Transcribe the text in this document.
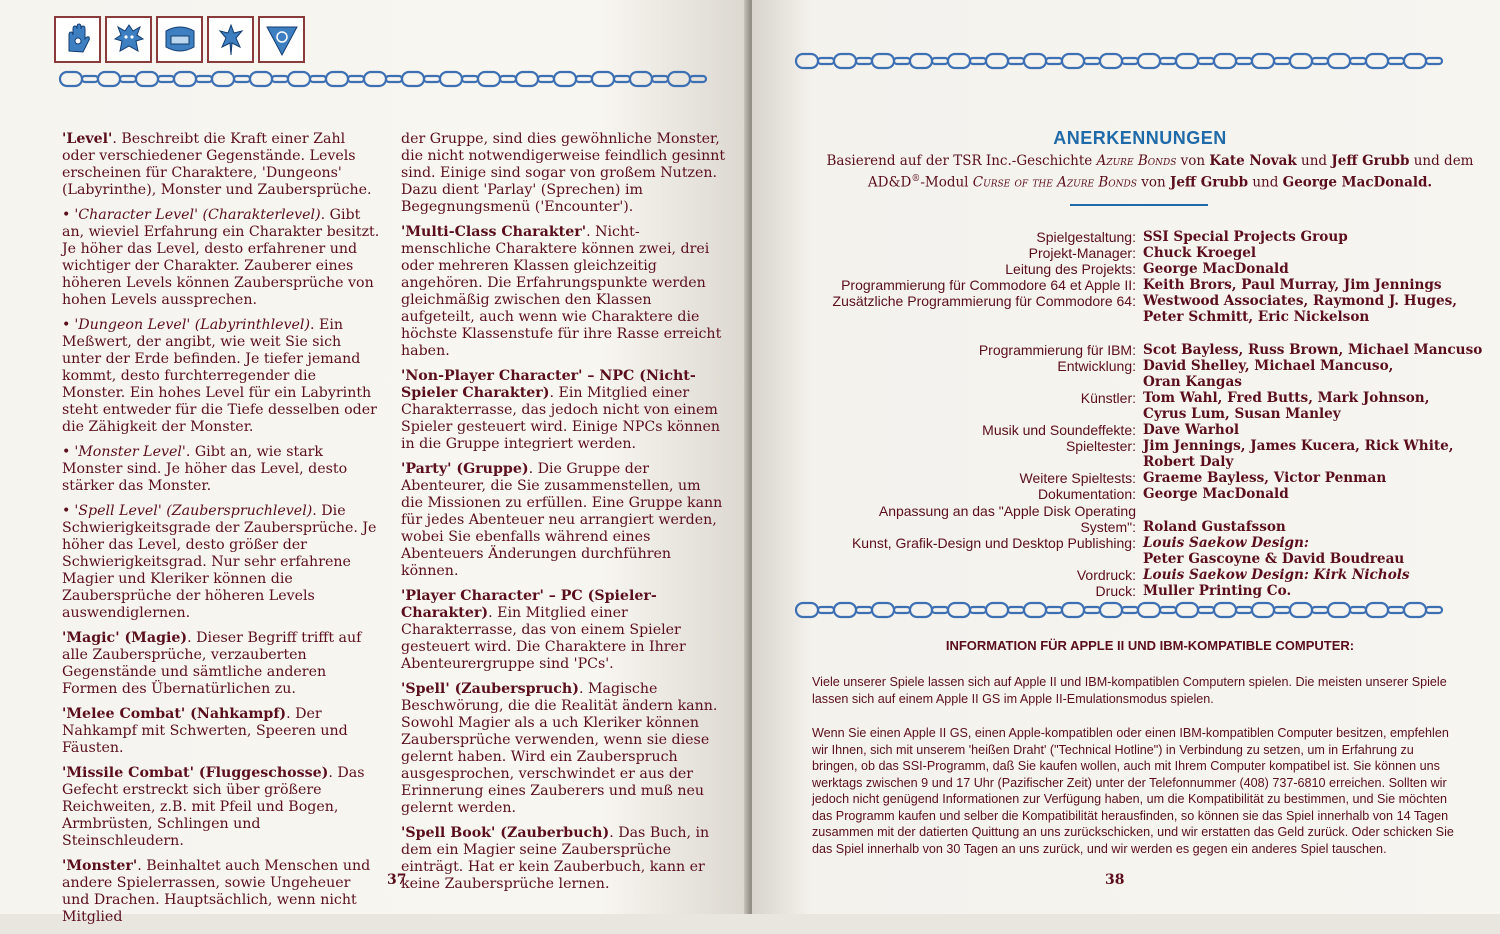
'Level'. Beschreibt die Kraft einer Zahl oder verschiedener Gegenstände. Levels erscheinen für Charaktere, 'Dungeons' (Labyrinthe), Monster und Zaubersprüche.

• 'Character Level' (Charakterlevel). Gibt an, wieviel Erfahrung ein Charakter besitzt. Je höher das Level, desto erfahrener und wichtiger der Charakter. Zauberer eines höheren Levels können Zaubersprüche von hohen Levels aussprechen.

• 'Dungeon Level' (Labyrinthlevel). Ein Meßwert, der angibt, wie weit Sie sich unter der Erde befinden. Je tiefer jemand kommt, desto furchterregender die Monster. Ein hohes Level für ein Labyrinth steht entweder für die Tiefe desselben oder die Zähigkeit der Monster.

• 'Monster Level'. Gibt an, wie stark Monster sind. Je höher das Level, desto stärker das Monster.

• 'Spell Level' (Zauberspruchlevel). Die Schwierigkeitsgrade der Zaubersprüche. Je höher das Level, desto größer der Schwierigkeitsgrad. Nur sehr erfahrene Magier und Kleriker können die Zaubersprüche der höheren Levels auswendiglernen.

'Magic' (Magie). Dieser Begriff trifft auf alle Zaubersprüche, verzauberten Gegenstände und sämtliche anderen Formen des Übernatürlichen zu.

'Melee Combat' (Nahkampf). Der Nahkampf mit Schwerten, Speeren und Fäusten.

'Missile Combat' (Fluggeschosse). Das Gefecht erstreckt sich über größere Reichweiten, z.B. mit Pfeil und Bogen, Armbrüsten, Schlingen und Steinschleudern.

'Monster'. Beinhaltet auch Menschen und andere Spielerrassen, sowie Ungeheuer und Drachen. Hauptsächlich, wenn nicht Mitglied

der Gruppe, sind dies gewöhnliche Monster, die nicht notwendigerweise feindlich gesinnt sind. Einige sind sogar von großem Nutzen. Dazu dient 'Parlay' (Sprechen) im Begegnungsmenü ('Encounter').

'Multi-Class Charakter'. Nicht-menschliche Charaktere können zwei, drei oder mehreren Klassen gleichzeitig angehören. Die Erfahrungspunkte werden gleichmäßig zwischen den Klassen aufgeteilt, auch wenn wie Charaktere die höchste Klassenstufe für ihre Rasse erreicht haben.

'Non-Player Character' – NPC (Nicht-Spieler Charakter). Ein Mitglied einer Charakterrasse, das jedoch nicht von einem Spieler gesteuert wird. Einige NPCs können in die Gruppe integriert werden.

'Party' (Gruppe). Die Gruppe der Abenteurer, die Sie zusammenstellen, um die Missionen zu erfüllen. Eine Gruppe kann für jedes Abenteuer neu arrangiert werden, wobei Sie ebenfalls während eines Abenteuers Änderungen durchführen können.

'Player Character' – PC (Spieler-Charakter). Ein Mitglied einer Charakterrasse, das von einem Spieler gesteuert wird. Die Charaktere in Ihrer Abenteurergruppe sind 'PCs'.

'Spell' (Zauberspruch). Magische Beschwörung, die die Realität ändern kann. Sowohl Magier als a uch Kleriker können Zaubersprüche verwenden, wenn sie diese gelernt haben. Wird ein Zauberspruch ausgesprochen, verschwindet er aus der Erinnerung eines Zauberers und muß neu gelernt werden.

'Spell Book' (Zauberbuch). Das Buch, in dem ein Magier seine Zaubersprüche einträgt. Hat er kein Zauberbuch, kann er keine Zaubersprüche lernen.

37	38
ANERKENNUNGEN
Basierend auf der TSR Inc.-Geschichte Azure Bonds von Kate Novak und Jeff Grubb und dem
AD&D®-Modul Curse of the Azure Bonds von Jeff Grubb und George MacDonald.
Spielgestaltung: SSI Special Projects Group
Projekt-Manager: Chuck Kroegel
Leitung des Projekts: George MacDonald
Programmierung für Commodore 64 et Apple II: Keith Brors, Paul Murray, Jim Jennings
Zusätzliche Programmierung für Commodore 64: Westwood Associates, Raymond J. Huges,
Peter Schmitt, Eric Nickelson
Programmierung für IBM: Scot Bayless, Russ Brown, Michael Mancuso
Entwicklung: David Shelley, Michael Mancuso,
Oran Kangas
Künstler: Tom Wahl, Fred Butts, Mark Johnson,
Cyrus Lum, Susan Manley
Musik und Soundeffekte: Dave Warhol
Spieltester: Jim Jennings, James Kucera, Rick White,
Robert Daly
Weitere Spieltests: Graeme Bayless, Victor Penman
Dokumentation: George MacDonald
Anpassung an das "Apple Disk Operating
System": Roland Gustafsson
Kunst, Grafik-Design und Desktop Publishing: Louis Saekow Design:
Peter Gascoyne & David Boudreau
Vordruck: Louis Saekow Design: Kirk Nichols
Druck: Muller Printing Co.
INFORMATION FÜR APPLE II UND IBM-KOMPATIBLE COMPUTER:
Viele unserer Spiele lassen sich auf Apple II und IBM-kompatiblen Computern spielen. Die meisten unserer Spiele lassen sich auf einem Apple II GS im Apple II-Emulationsmodus spielen.
Wenn Sie einen Apple II GS, einen Apple-kompatiblen oder einen IBM-kompatiblen Computer besitzen, empfehlen wir Ihnen, sich mit unserem 'heißen Draht' ("Technical Hotline") in Verbindung zu setzen, um in Erfahrung zu bringen, ob das SSI-Programm, daß Sie kaufen wollen, auch mit Ihrem Computer kompatibel ist. Sie können uns werktags zwischen 9 und 17 Uhr (Pazifischer Zeit) unter der Telefonnummer (408) 737-6810 erreichen. Sollten wir jedoch nicht genügend Informationen zur Verfügung haben, um die Kompatibilität zu bestimmen, und Sie möchten das Programm kaufen und selber die Kompatibilität herausfinden, so können sie das Spiel innerhalb von 14 Tagen zusammen mit der datierten Quittung an uns zurückschicken, und wir erstatten das Geld zurück. Oder schicken Sie das Spiel innerhalb von 30 Tagen an uns zurück, und wir werden es gegen ein anderes Spiel tauschen.
